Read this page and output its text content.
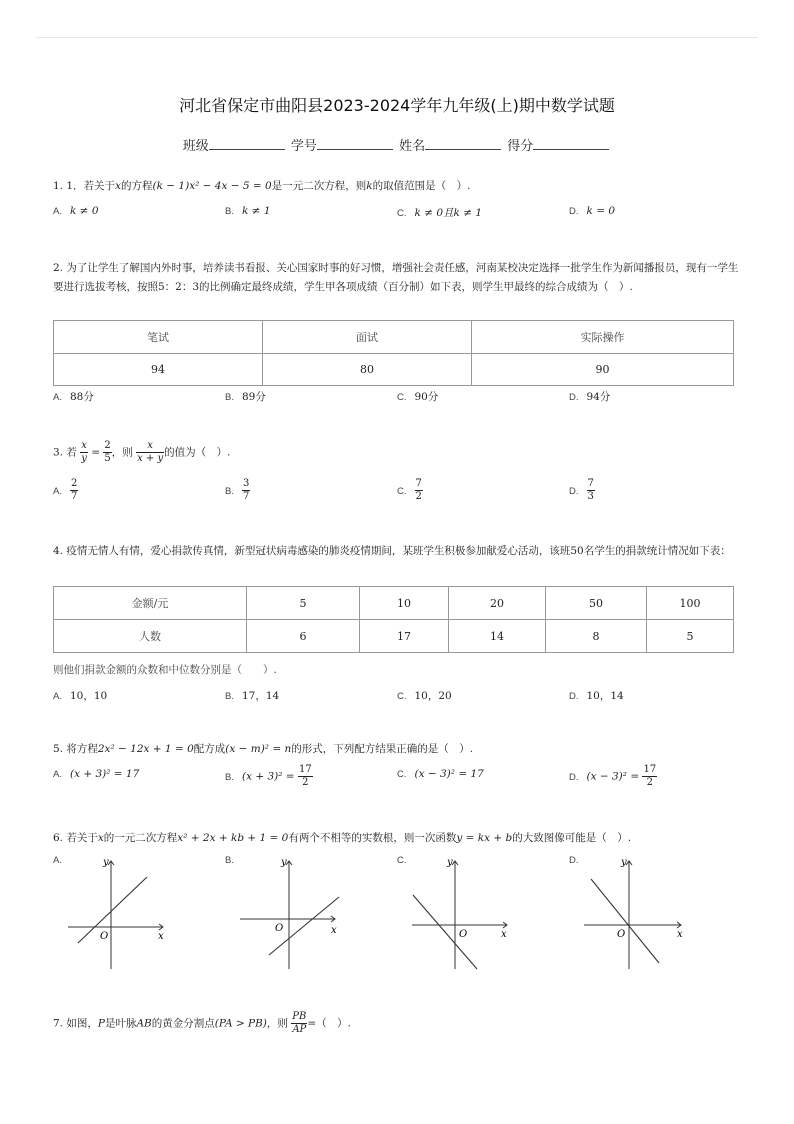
河北省保定市曲阳县2023-2024学年九年级(上)期中数学试题
班级	学号	姓名	得分
1. 1．若关于x的方程(k − 1)x² − 4x − 5 = 0是一元二次方程，则k的取值范围是（　）.
A. k ≠ 0	B. k ≠ 1	C. k ≠ 0且k ≠ 1	D. k = 0
2. 为了让学生了解国内外时事，培养读书看报、关心国家时事的好习惯，增强社会责任感，河南某校决定选择一批学生作为新闻播报员，现有一学生要进行选拔考核，按照5：2：3的比例确定最终成绩，学生甲各项成绩（百分制）如下表，则学生甲最终的综合成绩为（　）.
笔试	面试	实际操作
94	80	90
A. 88分	B. 89分	C. 90分	D. 94分
3. 若 $\frac{x}{y} = \frac{2}{5}$ ，则 $\frac{x}{x + y}$ 的值为（　）.
A. $\frac{2}{7}$	B. $\frac{3}{7}$	C. $\frac{7}{2}$	D. $\frac{7}{3}$
4. 疫情无情人有情，爱心捐款传真情，新型冠状病毒感染的肺炎疫情期间，某班学生积极参加献爱心活动，该班50名学生的捐款统计情况如下表：
金额/元	5	10	20	50	100
人数	6	17	14	8	5
则他们捐款金额的众数和中位数分别是（　　）.
A. 10，10	B. 17，14	C. 10，20	D. 10，14
5. 将方程2x² − 12x + 1 = 0配方成(x − m)² = n的形式，下列配方结果正确的是（　）.
A. (x + 3)² = 17	B. $(x + 3)^2 = \frac{17}{2}$	C. (x − 3)² = 17	D. $(x - 3)^2 = \frac{17}{2}$
6. 若关于x的一元二次方程x² + 2x + kb + 1 = 0有两个不相等的实数根，则一次函数y = kx + b的大致图像可能是（　）.
A.	y
x
O
B.	y
x
O
C.	y
x
O
D.	y
x
O
7. 如图，P是叶脉AB的黄金分割点(PA > PB)，则 $\frac{PB}{AP}$ =（　）.
